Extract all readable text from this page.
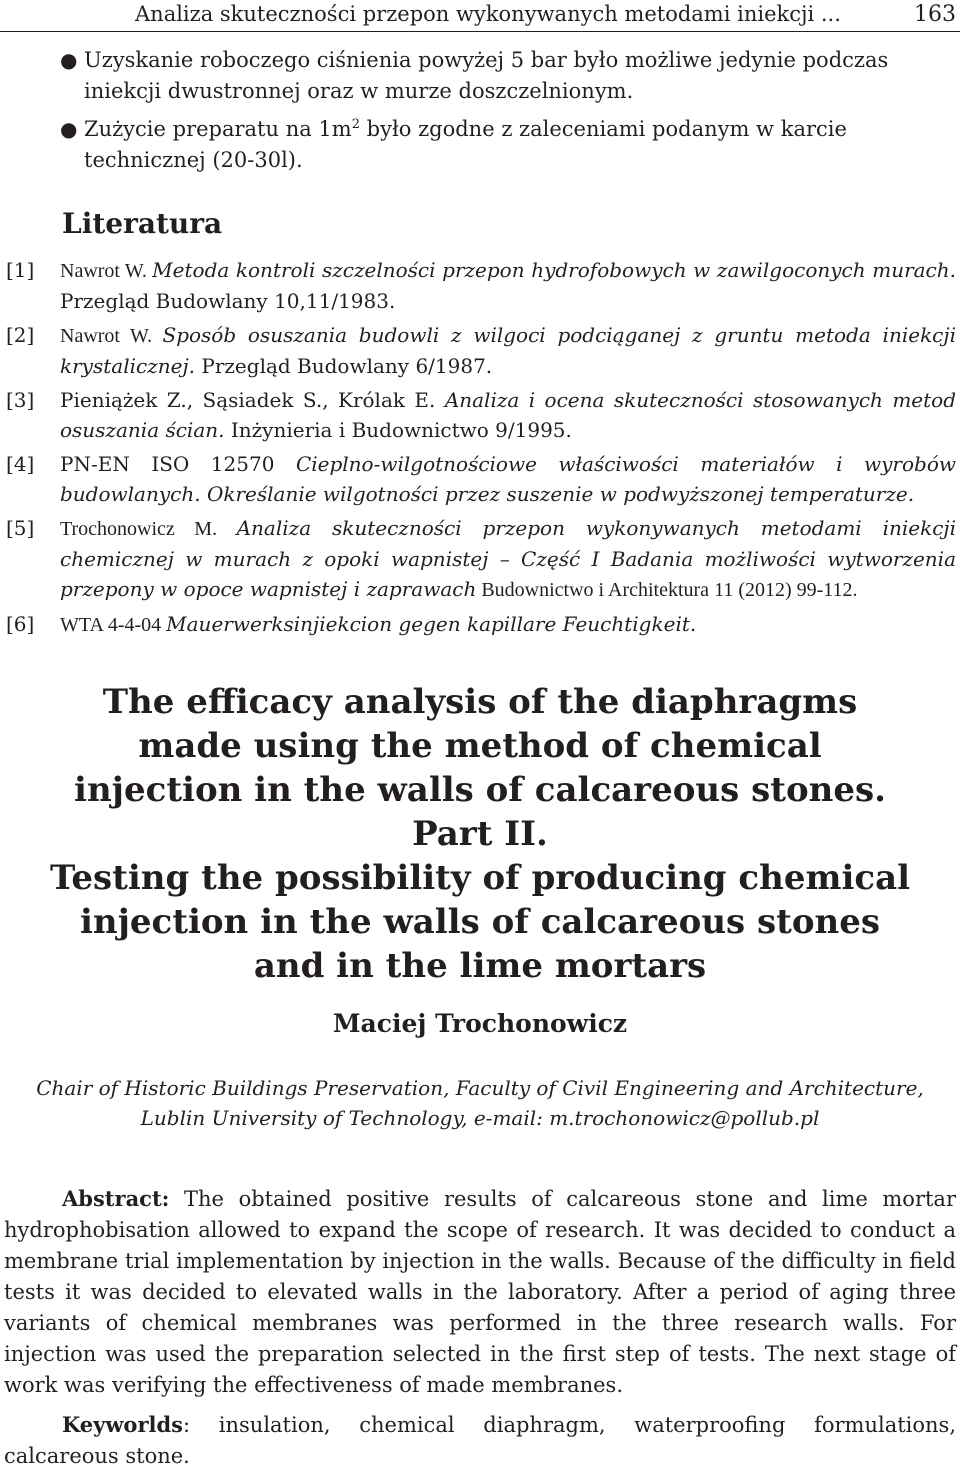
Analiza skuteczności przepon wykonywanych metodami iniekcji ...	163
● Uzyskanie roboczego ciśnienia powyżej 5 bar było możliwe jedynie podczas iniekcji dwustronnej oraz w murze doszczelnionym.
● Zużycie preparatu na $1m^2$ było zgodne z zaleceniami podanym w karcie technicznej (20-30l).
Literatura
[1]	Nawrot W. Metoda kontroli szczelności przepon hydrofobowych w zawilgoconych murach. Przegląd Budowlany 10,11/1983.
[2]	Nawrot W. Sposób osuszania budowli z wilgoci podciąganej z gruntu metoda iniekcji krystalicznej. Przegląd Budowlany 6/1987.
[3]	Pieniążek Z., Sąsiadek S., Królak E. Analiza i ocena skuteczności stosowanych metod osuszania ścian. Inżynieria i Budownictwo 9/1995.
[4]	PN-EN ISO 12570 Cieplno-wilgotnościowe właściwości materiałów i wyrobów budowlanych. Określanie wilgotności przez suszenie w podwyższonej temperaturze.
[5]	Trochonowicz M. Analiza skuteczności przepon wykonywanych metodami iniekcji chemicznej w murach z opoki wapnistej – Część I Badania możliwości wytworzenia przepony w opoce wapnistej i zaprawach Budownictwo i Architektura 11 (2012) 99-112.
[6]	WTA 4-4-04 Mauerwerksinjiekcion gegen kapillare Feuchtigkeit.
The efficacy analysis of the diaphragms
made using the method of chemical
injection in the walls of calcareous stones.
Part II.
Testing the possibility of producing chemical
injection in the walls of calcareous stones
and in the lime mortars
Maciej Trochonowicz
Chair of Historic Buildings Preservation, Faculty of Civil Engineering and Architecture,
Lublin University of Technology, e-mail: m.trochonowicz@pollub.pl
Abstract: The obtained positive results of calcareous stone and lime mortar hydrophobisation allowed to expand the scope of research. It was decided to conduct a membrane trial implementation by injection in the walls. Because of the difficulty in field tests it was decided to elevated walls in the laboratory. After a period of aging three variants of chemical membranes was performed in the three research walls. For injection was used the preparation selected in the first step of tests. The next stage of work was verifying the effectiveness of made membranes.
Keyworlds: insulation, chemical diaphragm, waterproofing formulations, calcareous stone.
